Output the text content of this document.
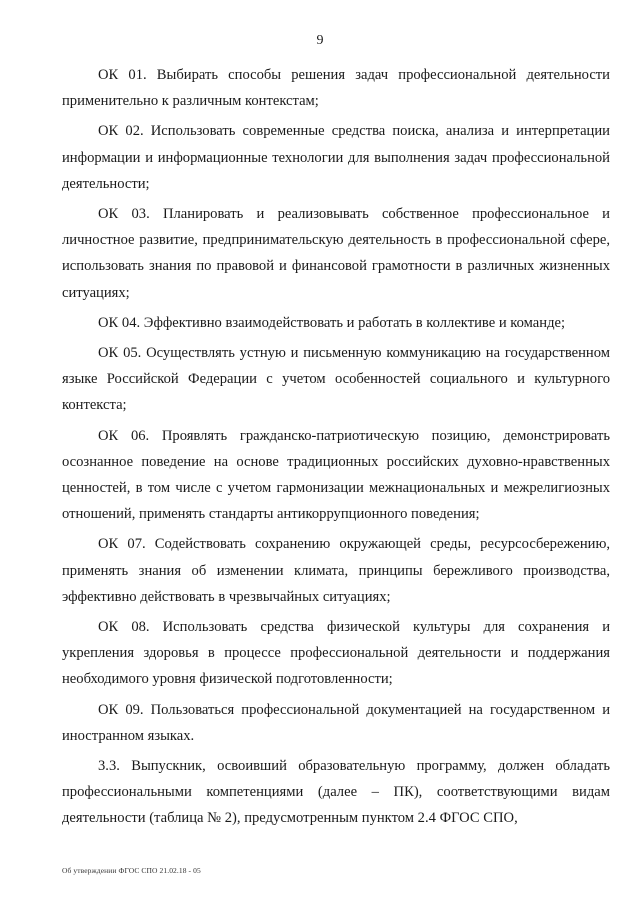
9

ОК 01. Выбирать способы решения задач профессиональной деятельности применительно к различным контекстам;

ОК 02. Использовать современные средства поиска, анализа и интерпретации информации и информационные технологии для выполнения задач профессиональной деятельности;

ОК 03. Планировать и реализовывать собственное профессиональное и личностное развитие, предпринимательскую деятельность в профессиональной сфере, использовать знания по правовой и финансовой грамотности в различных жизненных ситуациях;

ОК 04. Эффективно взаимодействовать и работать в коллективе и команде;

ОК 05. Осуществлять устную и письменную коммуникацию на государственном языке Российской Федерации с учетом особенностей социального и культурного контекста;

ОК 06. Проявлять гражданско-патриотическую позицию, демонстрировать осознанное поведение на основе традиционных российских духовно-нравственных ценностей, в том числе с учетом гармонизации межнациональных и межрелигиозных отношений, применять стандарты антикоррупционного поведения;

ОК 07. Содействовать сохранению окружающей среды, ресурсосбережению, применять знания об изменении климата, принципы бережливого производства, эффективно действовать в чрезвычайных ситуациях;

ОК 08. Использовать средства физической культуры для сохранения и укрепления здоровья в процессе профессиональной деятельности и поддержания необходимого уровня физической подготовленности;

ОК 09. Пользоваться профессиональной документацией на государственном и иностранном языках.

3.3. Выпускник, освоивший образовательную программу, должен обладать профессиональными компетенциями (далее – ПК), соответствующими видам деятельности (таблица № 2), предусмотренным пунктом 2.4 ФГОС СПО,

Об утверждении ФГОС СПО 21.02.18 - 05
